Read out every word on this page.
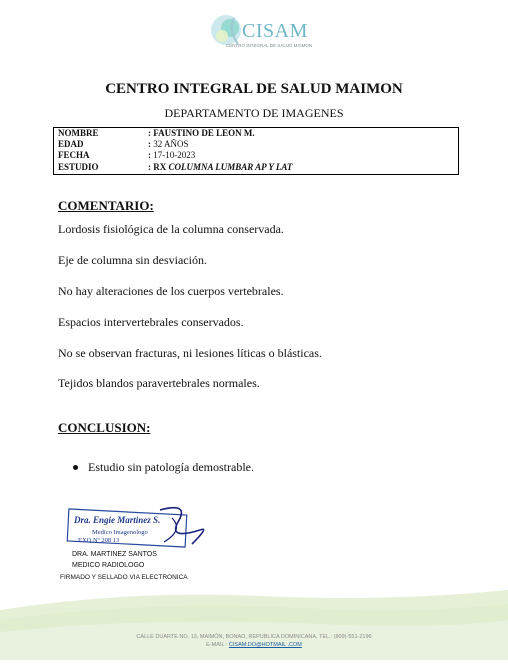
CISAM
CENTRO INTEGRAL DE SALUD MAIMON
CENTRO INTEGRAL DE SALUD MAIMON
DEPARTAMENTO DE IMAGENES
NOMBRE	: FAUSTINO DE LEON M.
EDAD	: 32 AÑOS
FECHA	: 17-10-2023
ESTUDIO	: RX COLUMNA LUMBAR AP Y LAT
COMENTARIO:
Lordosis fisiológica de la columna conservada.
Eje de columna sin desviación.
No hay alteraciones de los cuerpos vertebrales.
Espacios intervertebrales conservados.
No se observan fracturas, ni lesiones líticas o blásticas.
Tejidos blandos paravertebrales normales.
CONCLUSION:
Estudio sin patología demostrable.
Dra. Engie Martinez S.
Medico Imagenologo
EXQ Nº 208 13
DRA. MARTINEZ SANTOS
MEDICO RADIOLOGO
FIRMADO Y SELLADO VIA ELECTRONICA
CALLE DUARTE NO. 13, MAIMÓN, BONAO, REPUBLICA DOMINICANA, TEL.: (809)-551-2196
E-MAIL : CISAM.DO@HOTMAIL .COM
